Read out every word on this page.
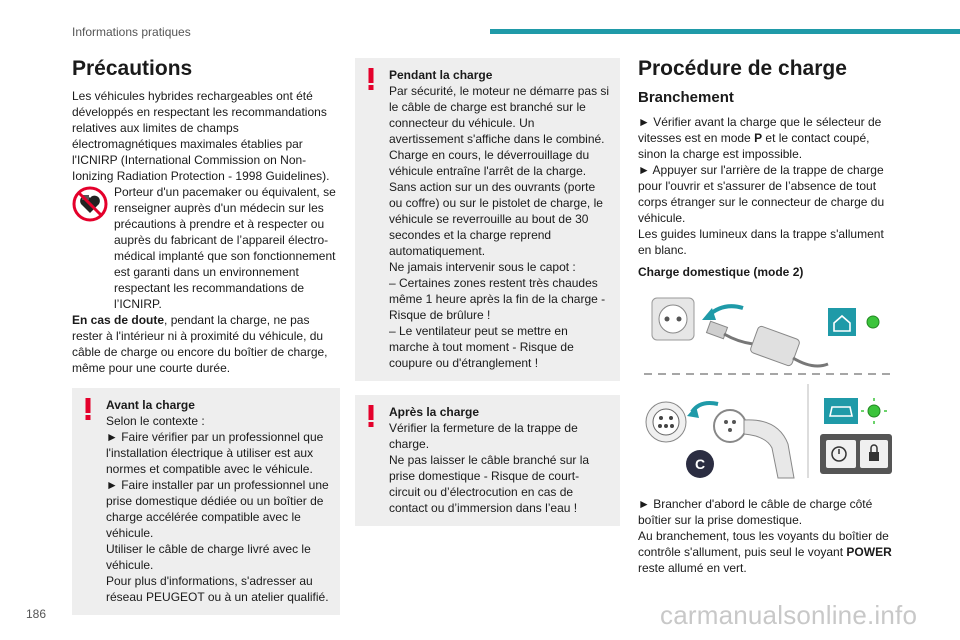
Informations pratiques
Précautions

Les véhicules hybrides rechargeables ont été développés en respectant les recommandations relatives aux limites de champs électromagnétiques maximales établies par l'ICNIRP (International Commission on Non-Ionizing Radiation Protection - 1998 Guidelines).

Porteur d'un pacemaker ou équivalent, se renseigner auprès d'un médecin sur les précautions à prendre et à respecter ou auprès du fabricant de l’appareil électro-médical implanté que son fonctionnement est garanti dans un environnement respectant les recommandations de l’ICNIRP.

En cas de doute, pendant la charge, ne pas rester à l'intérieur ni à proximité du véhicule, du câble de charge ou encore du boîtier de charge, même pour une courte durée.

Avant la charge
Selon le contexte :
► Faire vérifier par un professionnel que l'installation électrique à utiliser est aux normes et compatible avec le véhicule.
► Faire installer par un professionnel une prise domestique dédiée ou un boîtier de charge accélérée compatible avec le véhicule.
Utiliser le câble de charge livré avec le véhicule.
Pour plus d'informations, s'adresser au réseau PEUGEOT ou à un atelier qualifié.
Pendant la charge
Par sécurité, le moteur ne démarre pas si le câble de charge est branché sur le connecteur du véhicule. Un avertissement s'affiche dans le combiné.
Charge en cours, le déverrouillage du véhicule entraîne l'arrêt de la charge.
Sans action sur un des ouvrants (porte ou coffre) ou sur le pistolet de charge, le véhicule se reverrouille au bout de 30 secondes et la charge reprend automatiquement.
Ne jamais intervenir sous le capot :
– Certaines zones restent très chaudes même 1 heure après la fin de la charge - Risque de brûlure !
– Le ventilateur peut se mettre en marche à tout moment - Risque de coupure ou d'étranglement !
Après la charge
Vérifier la fermeture de la trappe de charge.
Ne pas laisser le câble branché sur la prise domestique - Risque de court-circuit ou d’électrocution en cas de contact ou d’immersion dans l’eau !
Procédure de charge
Branchement

► Vérifier avant la charge que le sélecteur de vitesses est en mode P et le contact coupé, sinon la charge est impossible.

► Appuyer sur l'arrière de la trappe de charge pour l'ouvrir et s'assurer de l’absence de tout corps étranger sur le connecteur de charge du véhicule.

Les guides lumineux dans la trappe s'allument en blanc.

Charge domestique (mode 2)
C

► Brancher d'abord le câble de charge côté boîtier sur la prise domestique.

Au branchement, tous les voyants du boîtier de contrôle s'allument, puis seul le voyant POWER reste allumé en vert.

186	carmanualsonline.info
